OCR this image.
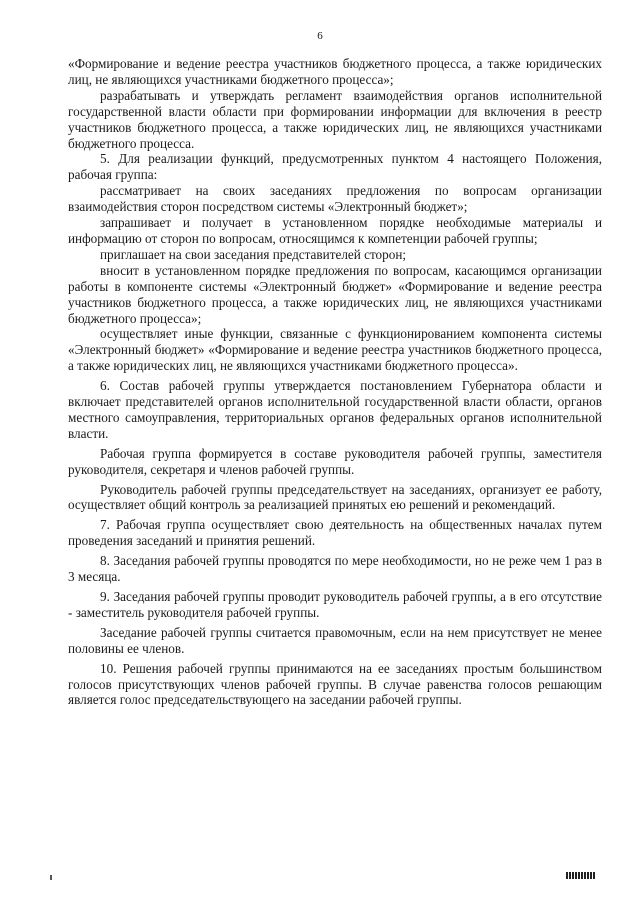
6

«Формирование и ведение реестра участников бюджетного процесса, а также юридических лиц, не являющихся участниками бюджетного процесса»;

разрабатывать и утверждать регламент взаимодействия органов исполнительной государственной власти области при формировании информации для включения в реестр участников бюджетного процесса, а также юридических лиц, не являющихся участниками бюджетного процесса.

5. Для реализации функций, предусмотренных пунктом 4 настоящего Положения, рабочая группа:

рассматривает на своих заседаниях предложения по вопросам организации взаимодействия сторон посредством системы «Электронный бюджет»;

запрашивает и получает в установленном порядке необходимые материалы и информацию от сторон по вопросам, относящимся к компетенции рабочей группы;

приглашает на свои заседания представителей сторон;

вносит в установленном порядке предложения по вопросам, касающимся организации работы в компоненте системы «Электронный бюджет» «Формирование и ведение реестра участников бюджетного процесса, а также юридических лиц, не являющихся участниками бюджетного процесса»;

осуществляет иные функции, связанные с функционированием компонента системы «Электронный бюджет» «Формирование и ведение реестра участников бюджетного процесса, а также юридических лиц, не являющихся участниками бюджетного процесса».

6. Состав рабочей группы утверждается постановлением Губернатора области и включает представителей органов исполнительной государственной власти области, органов местного самоуправления, территориальных органов федеральных органов исполнительной власти.

Рабочая группа формируется в составе руководителя рабочей группы, заместителя руководителя, секретаря и членов рабочей группы.

Руководитель рабочей группы председательствует на заседаниях, организует ее работу, осуществляет общий контроль за реализацией принятых ею решений и рекомендаций.

7. Рабочая группа осуществляет свою деятельность на общественных началах путем проведения заседаний и принятия решений.

8. Заседания рабочей группы проводятся по мере необходимости, но не реже чем 1 раз в 3 месяца.

9. Заседания рабочей группы проводит руководитель рабочей группы, а в его отсутствие - заместитель руководителя рабочей группы.

Заседание рабочей группы считается правомочным, если на нем присутствует не менее половины ее членов.

10. Решения рабочей группы принимаются на ее заседаниях простым большинством голосов присутствующих членов рабочей группы. В случае равенства голосов решающим является голос председательствующего на заседании рабочей группы.
